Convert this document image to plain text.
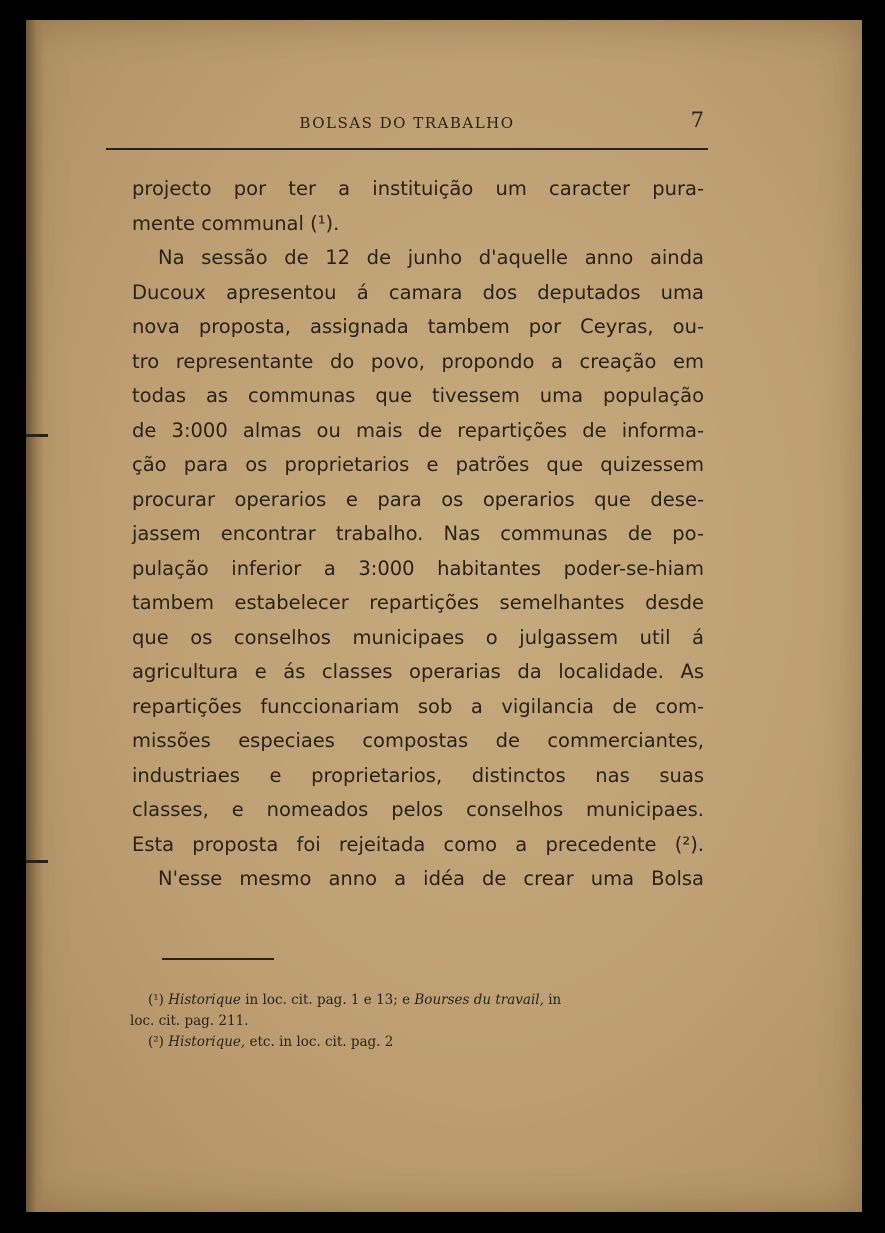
BOLSAS DO TRABALHO	7
projecto por ter a instituição um caracter pura-
mente communal (¹).
Na sessão de 12 de junho d'aquelle anno ainda
Ducoux apresentou á camara dos deputados uma
nova proposta, assignada tambem por Ceyras, ou-
tro representante do povo, propondo a creação em
todas as communas que tivessem uma população
de 3:000 almas ou mais de repartições de informa-
ção para os proprietarios e patrões que quizessem
procurar operarios e para os operarios que dese-
jassem encontrar trabalho. Nas communas de po-
pulação inferior a 3:000 habitantes poder-se-hiam
tambem estabelecer repartições semelhantes desde
que os conselhos municipaes o julgassem util á
agricultura e ás classes operarias da localidade. As
repartições funccionariam sob a vigilancia de com-
missões especiaes compostas de commerciantes,
industriaes e proprietarios, distinctos nas suas
classes, e nomeados pelos conselhos municipaes.
Esta proposta foi rejeitada como a precedente (²).
N'esse mesmo anno a idéa de crear uma Bolsa
(¹) Historique in loc. cit. pag. 1 e 13; e Bourses du travail, in
loc. cit. pag. 211.
(²) Historique, etc. in loc. cit. pag. 2
